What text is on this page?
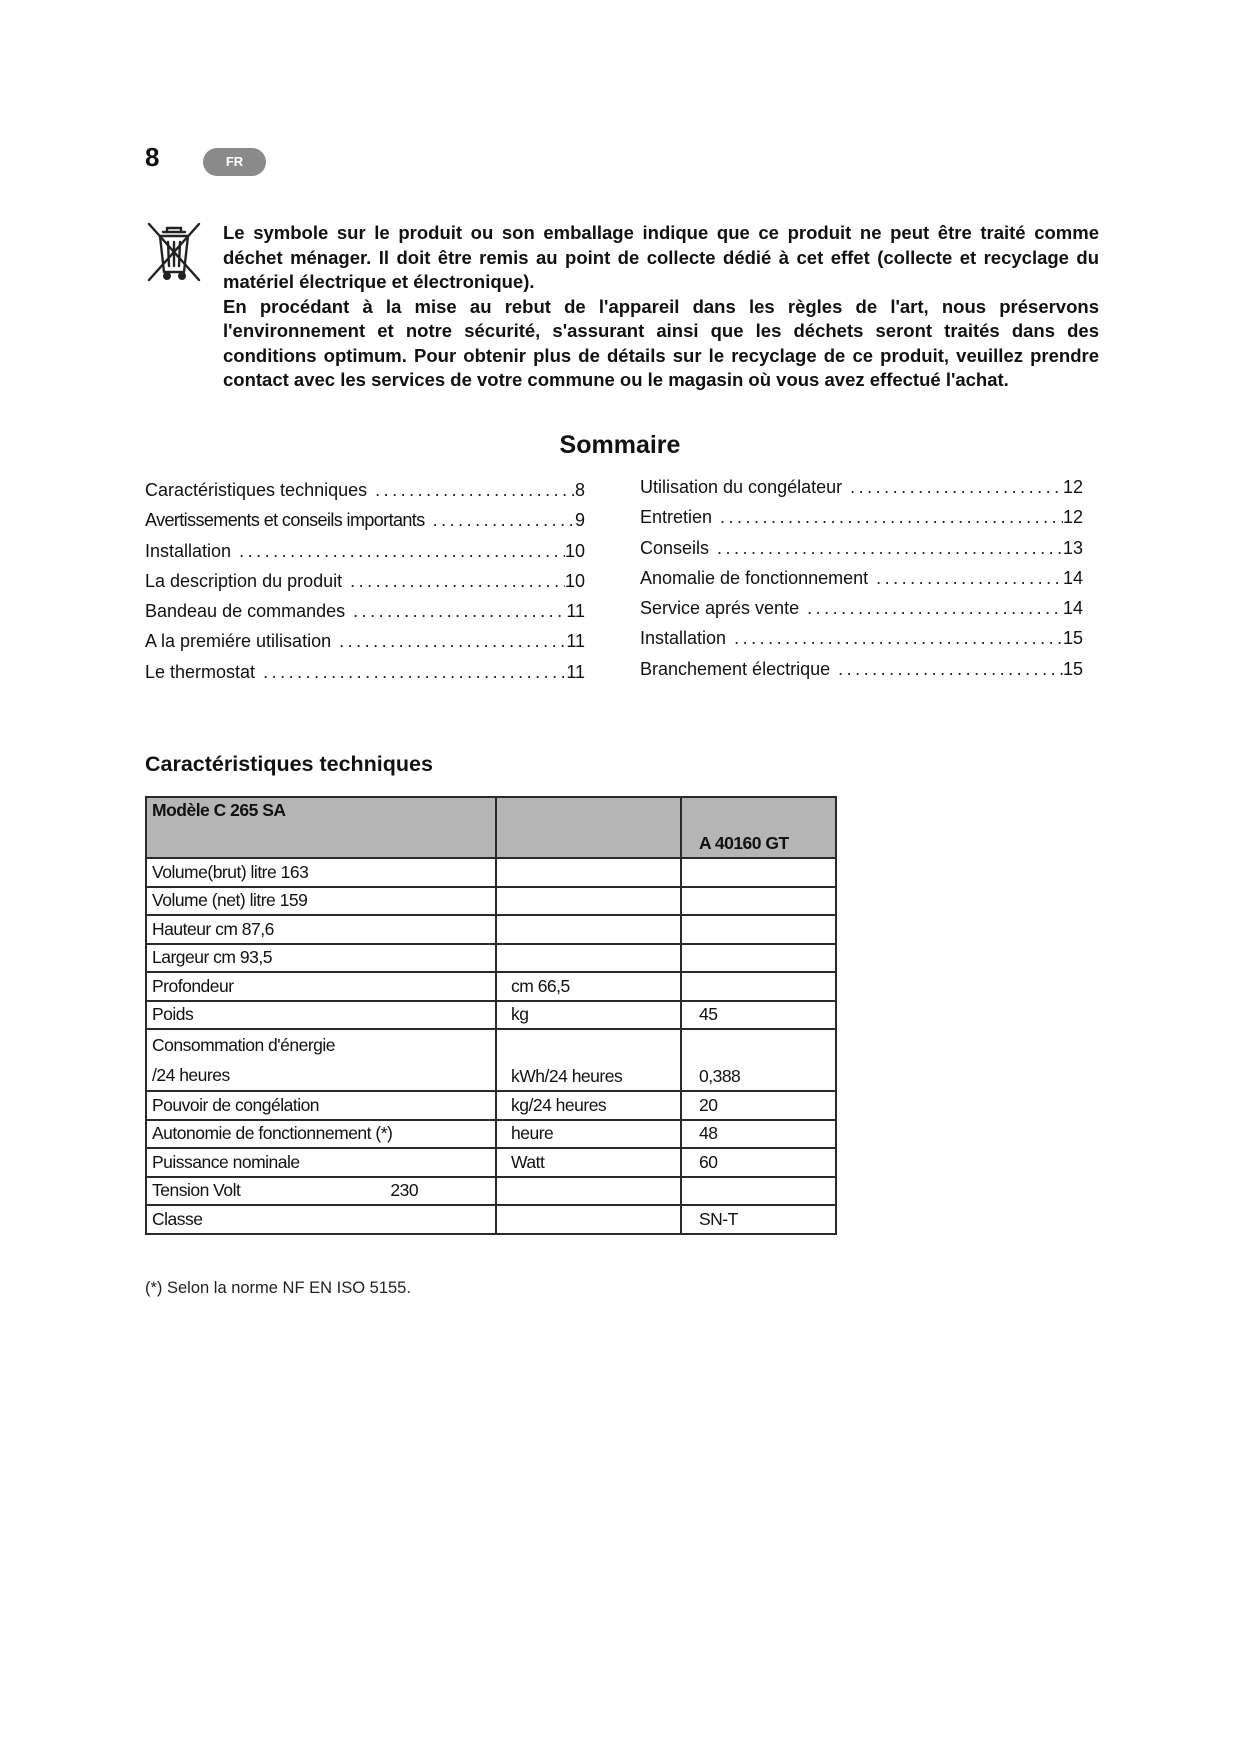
8	FR

Le symbole sur le produit ou son emballage indique que ce produit ne peut être traité comme déchet ménager. Il doit être remis au point de collecte dédié à cet effet (collecte et recyclage du matériel électrique et électronique).

En procédant à la mise au rebut de l'appareil dans les règles de l'art, nous préservons l'environnement et notre sécurité, s'assurant ainsi que les déchets seront traités dans des conditions optimum. Pour obtenir plus de détails sur le recyclage de ce produit, veuillez prendre contact avec les services de votre commune ou le magasin où vous avez effectué l'achat.

Sommaire
Caractéristiques techniques .....	8
Avertissements et conseils importants .....	9
Installation .....	10
La description du produit .....	10
Bandeau de commandes .....	11
A la premiére utilisation .....	11
Le thermostat .....	11
Utilisation du congélateur .....	12
Entretien .....	12
Conseils .....	13
Anomalie de fonctionnement .....	14
Service aprés vente .....	14
Installation .....	15
Branchement électrique .....	15
Caractéristiques techniques
Modèle C 265 SA		A 40160 GT
Volume(brut) litre 163		
Volume (net) litre 159		
Hauteur cm 87,6		
Largeur cm 93,5		
Profondeur	cm 66,5	
Poids	kg	45

Consommation d'énergie
/24 heures	kWh/24 heures	0,388
Pouvoir de congélation	kg/24 heures	20
Autonomie de fonctionnement (*)	heure	48
Puissance nominale	Watt	60
Tension Volt 230		
Classe		SN-T
(*) Selon la norme NF EN ISO 5155.
